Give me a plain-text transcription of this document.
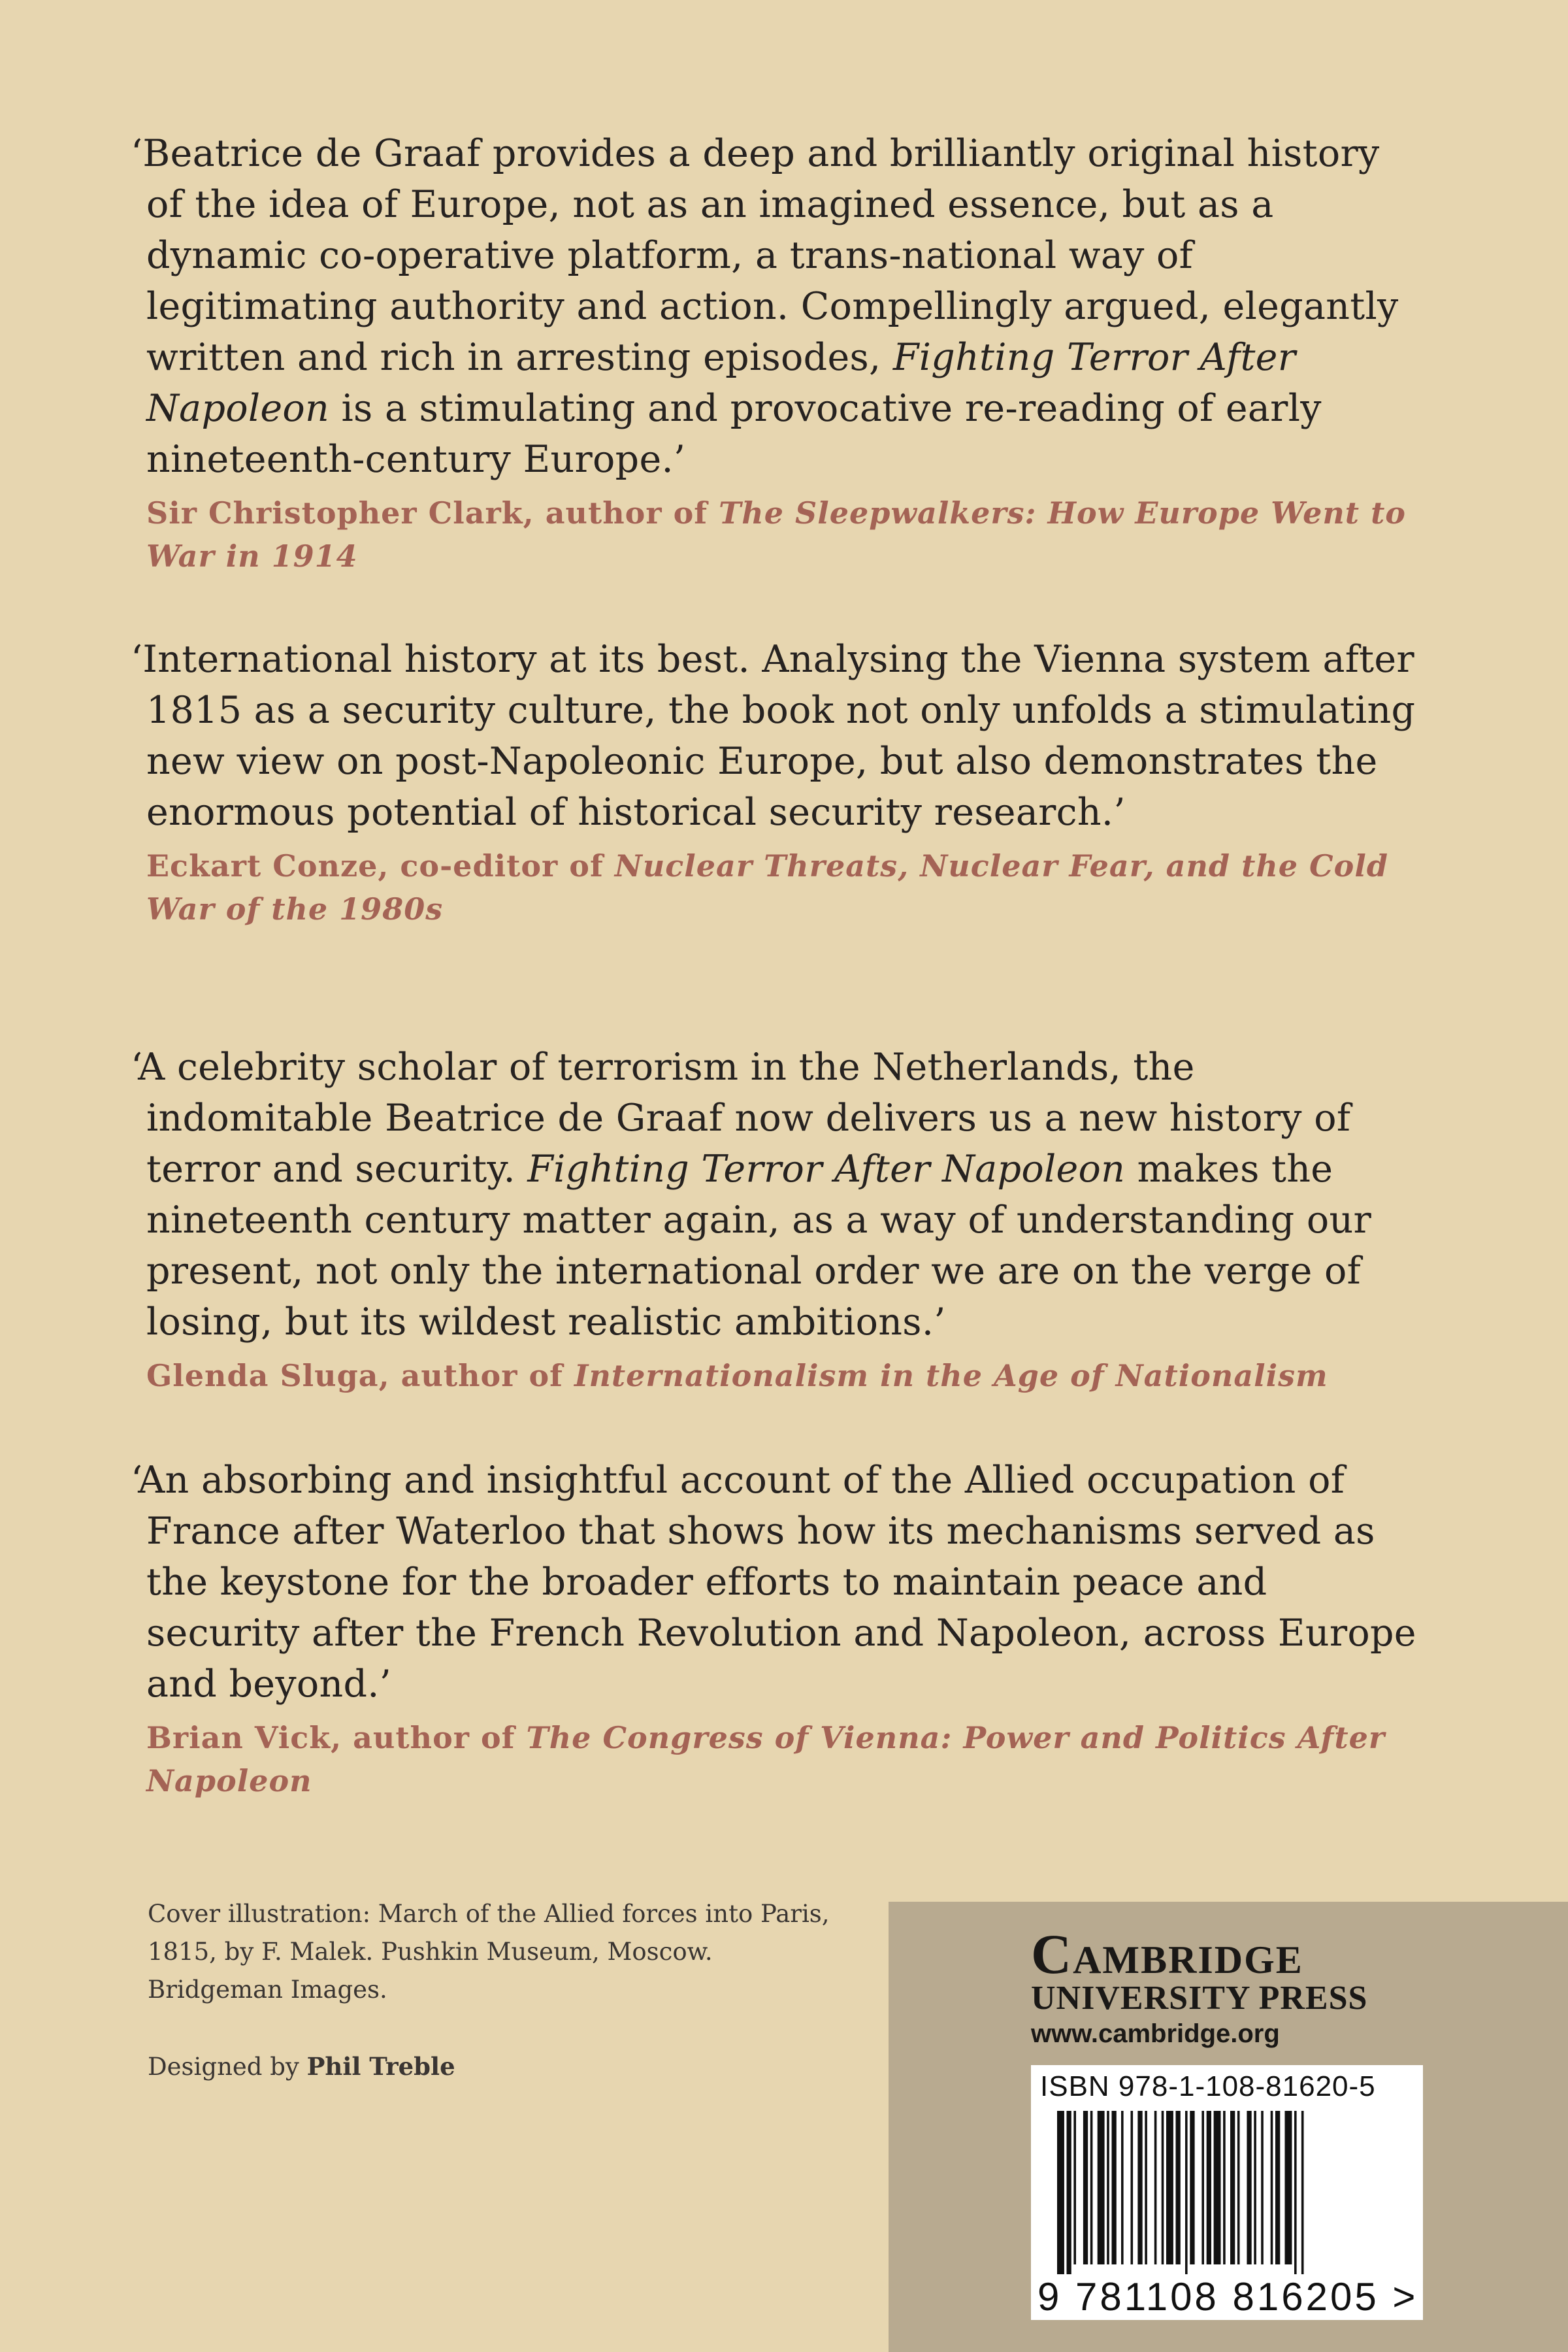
‘Beatrice de Graaf provides a deep and brilliantly original history of the idea of Europe, not as an imagined essence, but as a dynamic co-operative platform, a trans-national way of legitimating authority and action. Compellingly argued, elegantly written and rich in arresting episodes, Fighting Terror After Napoleon is a stimulating and provocative re-reading of early nineteenth-century Europe.’

Sir Christopher Clark, author of The Sleepwalkers: How Europe Went to War in 1914

‘International history at its best. Analysing the Vienna system after 1815 as a security culture, the book not only unfolds a stimulating new view on post-Napoleonic Europe, but also demonstrates the enormous potential of historical security research.’

Eckart Conze, co-editor of Nuclear Threats, Nuclear Fear, and the Cold War of the 1980s

‘A celebrity scholar of terrorism in the Netherlands, the indomitable Beatrice de Graaf now delivers us a new history of terror and security. Fighting Terror After Napoleon makes the nineteenth century matter again, as a way of understanding our present, not only the international order we are on the verge of losing, but its wildest realistic ambitions.’

Glenda Sluga, author of Internationalism in the Age of Nationalism

‘An absorbing and insightful account of the Allied occupation of France after Waterloo that shows how its mechanisms served as the keystone for the broader efforts to maintain peace and security after the French Revolution and Napoleon, across Europe and beyond.’

Brian Vick, author of The Congress of Vienna: Power and Politics After Napoleon

Cover illustration: March of the Allied forces into Paris, 1815, by F. Malek. Pushkin Museum, Moscow. Bridgeman Images.

Designed by Phil Treble
Cambridge
UNIVERSITY PRESS
www.cambridge.org
ISBN 978-1-108-81620-5
9 781108 816205 >
